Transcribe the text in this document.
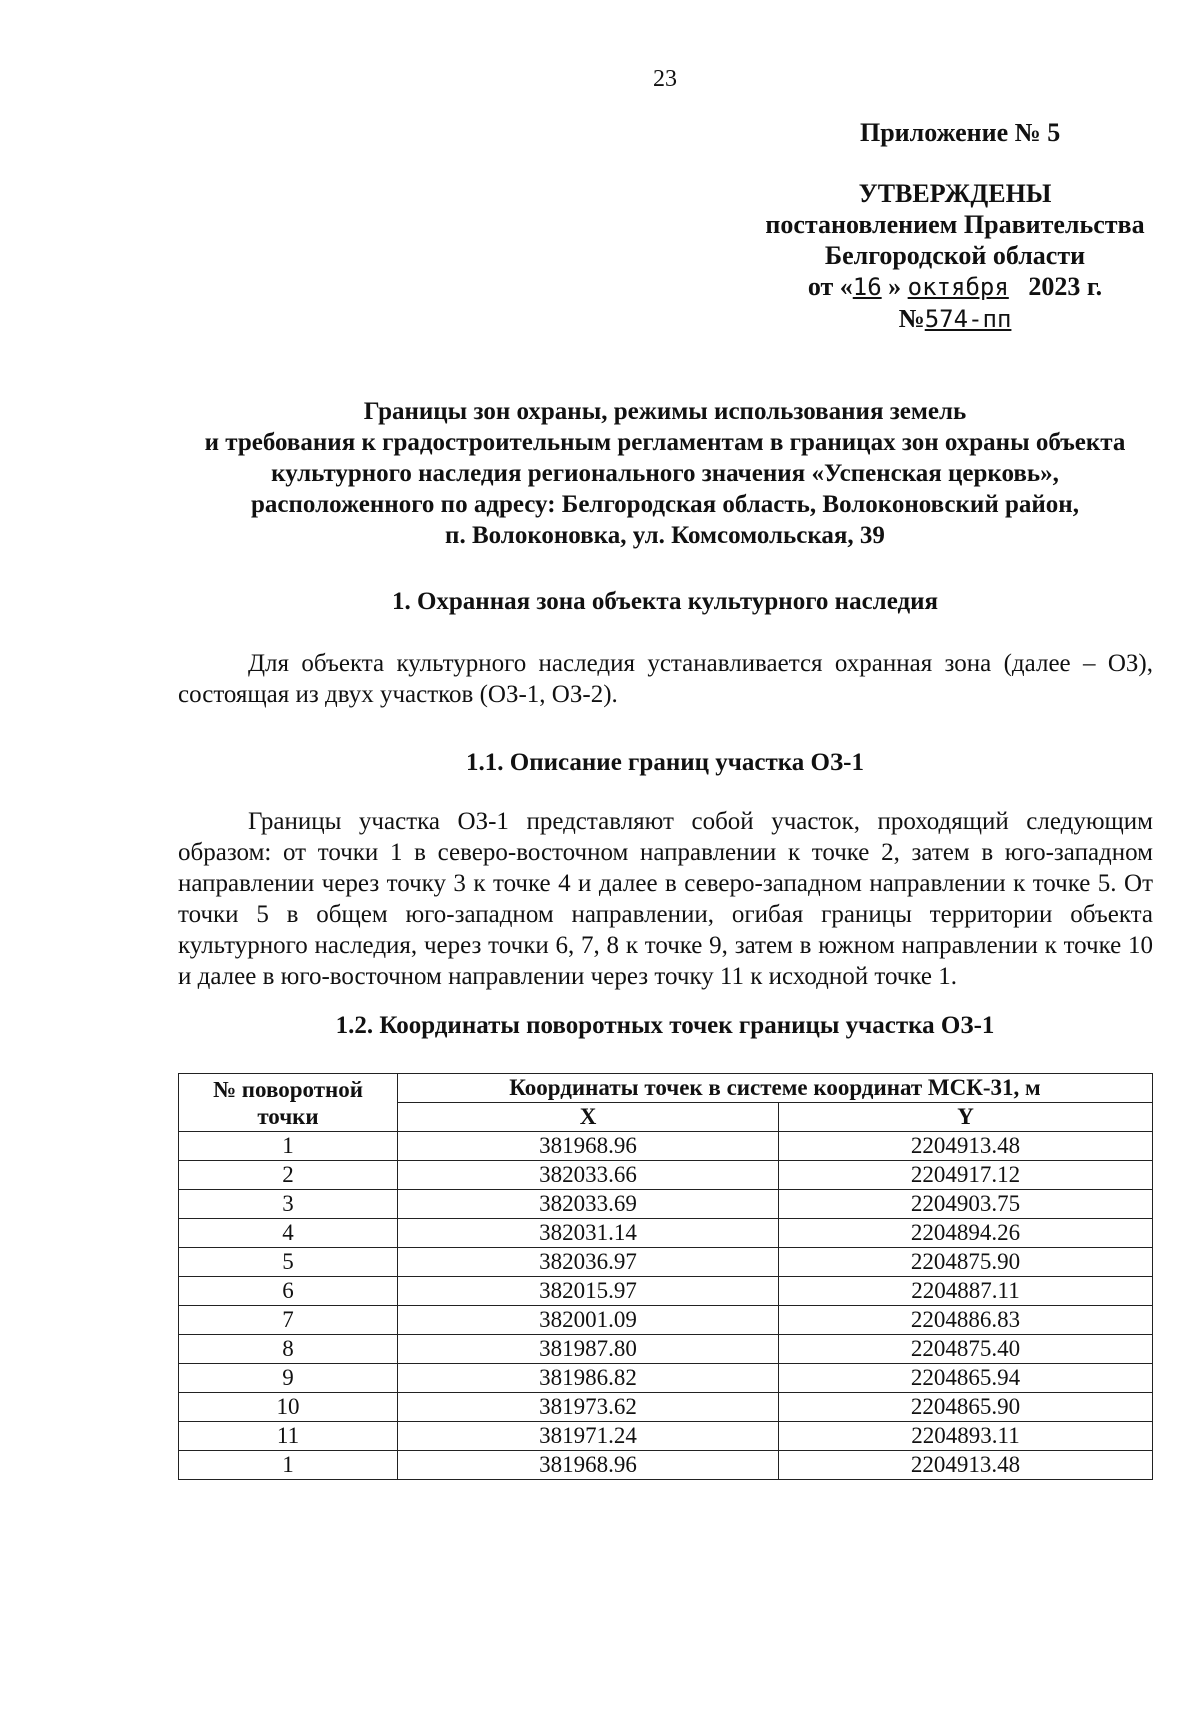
23
Приложение № 5
УТВЕРЖДЕНЫ
постановлением Правительства
Белгородской области
от «16 » октября 2023 г.
№574-пп
Границы зон охраны, режимы использования земель
и требования к градостроительным регламентам в границах зон охраны объекта
культурного наследия регионального значения «Успенская церковь»,
расположенного по адресу: Белгородская область, Волоконовский район,
п. Волоконовка, ул. Комсомольская, 39
1. Охранная зона объекта культурного наследия

Для объекта культурного наследия устанавливается охранная зона (далее – ОЗ), состоящая из двух участков (ОЗ-1, ОЗ-2).

1.1. Описание границ участка ОЗ-1

Границы участка ОЗ-1 представляют собой участок, проходящий следующим образом: от точки 1 в северо-восточном направлении к точке 2, затем в юго-западном направлении через точку 3 к точке 4 и далее в северо-западном направлении к точке 5. От точки 5 в общем юго-западном направлении, огибая границы территории объекта культурного наследия, через точки 6, 7, 8 к точке 9, затем в южном направлении к точке 10 и далее в юго-восточном направлении через точку 11 к исходной точке 1.

1.2. Координаты поворотных точек границы участка ОЗ-1
№ поворотной точки	Координаты точек в системе координат МСК-31, м	
	X	Y
1	381968.96	2204913.48
2	382033.66	2204917.12
3	382033.69	2204903.75
4	382031.14	2204894.26
5	382036.97	2204875.90
6	382015.97	2204887.11
7	382001.09	2204886.83
8	381987.80	2204875.40
9	381986.82	2204865.94
10	381973.62	2204865.90
11	381971.24	2204893.11
1	381968.96	2204913.48
